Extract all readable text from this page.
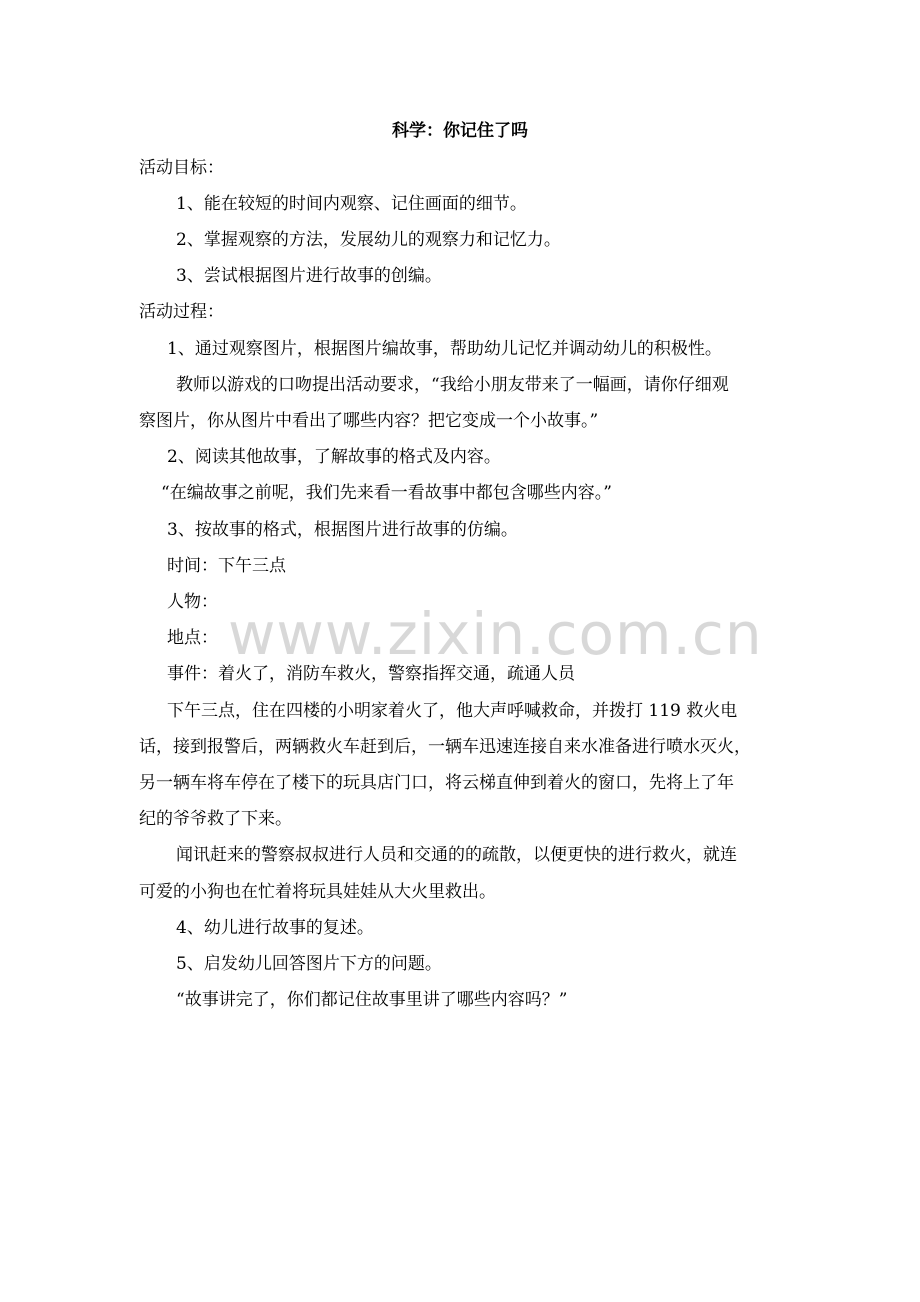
科学：你记住了吗
活动目标：
1、能在较短的时间内观察、记住画面的细节。
2、掌握观察的方法，发展幼儿的观察力和记忆力。
3、尝试根据图片进行故事的创编。
活动过程：
1、通过观察图片，根据图片编故事，帮助幼儿记忆并调动幼儿的积极性。
教师以游戏的口吻提出活动要求，“我给小朋友带来了一幅画，请你仔细观
察图片，你从图片中看出了哪些内容？把它变成一个小故事。”
2、阅读其他故事，了解故事的格式及内容。
“在编故事之前呢，我们先来看一看故事中都包含哪些内容。”
3、按故事的格式，根据图片进行故事的仿编。
时间：下午三点
人物：
地点：
事件：着火了，消防车救火，警察指挥交通，疏通人员
下午三点，住在四楼的小明家着火了，他大声呼喊救命，并拨打 119 救火电
话，接到报警后，两辆救火车赶到后，一辆车迅速连接自来水准备进行喷水灭火，
另一辆车将车停在了楼下的玩具店门口，将云梯直伸到着火的窗口，先将上了年
纪的爷爷救了下来。
闻讯赶来的警察叔叔进行人员和交通的的疏散，以便更快的进行救火，就连
可爱的小狗也在忙着将玩具娃娃从大火里救出。
4、幼儿进行故事的复述。
5、启发幼儿回答图片下方的问题。
“故事讲完了，你们都记住故事里讲了哪些内容吗？”
www.zixin.com.cn
